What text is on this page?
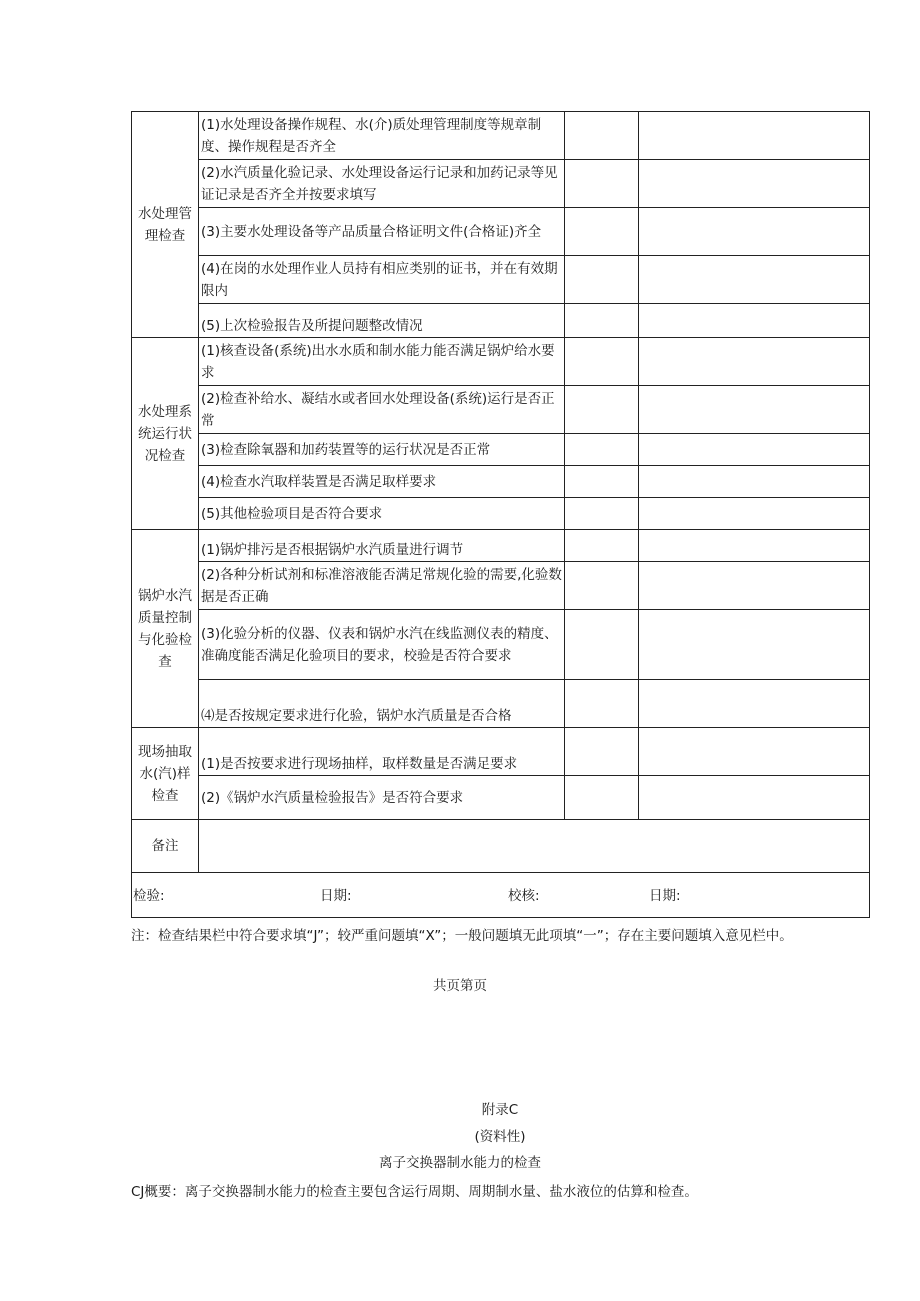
水处理管理检查	(1)水处理设备操作规程、水(介)质处理管理制度等规章制度、操作规程是否齐全		
	(2)水汽质量化验记录、水处理设备运行记录和加药记录等见证记录是否齐全并按要求填写		
	(3)主要水处理设备等产品质量合格证明文件(合格证)齐全		
	(4)在岗的水处理作业人员持有相应类别的证书，并在有效期限内		
	(5)上次检验报告及所提问题整改情况		
水处理系统运行状况检查	(1)核查设备(系统)出水水质和制水能力能否满足锅炉给水要求		
	(2)检查补给水、凝结水或者回水处理设备(系统)运行是否正常		
	(3)检查除氧器和加药装置等的运行状况是否正常		
	(4)检查水汽取样装置是否满足取样要求		
	(5)其他检验项目是否符合要求		
锅炉水汽质量控制与化验检查	(1)锅炉排污是否根据锅炉水汽质量进行调节		
	(2)各种分析试剂和标准溶液能否满足常规化验的需要,化验数据是否正确		
	(3)化验分析的仪器、仪表和锅炉水汽在线监测仪表的精度、准确度能否满足化验项目的要求，校验是否符合要求		
	⑷是否按规定要求进行化验，锅炉水汽质量是否合格		
现场抽取水(汽)样检查	(1)是否按要求进行现场抽样，取样数量是否满足要求		
	(2)《锅炉水汽质量检验报告》是否符合要求		
备注			

检验: 日期: 校核: 日期:			
注：检查结果栏中符合要求填“J”；较严重问题填“X”；一般问题填无此项填“一”；存在主要问题填入意见栏中。
共页第页
附录C
(资料性)
离子交换器制水能力的检查
CJ概要：离子交换器制水能力的检查主要包含运行周期、周期制水量、盐水液位的估算和检查。
